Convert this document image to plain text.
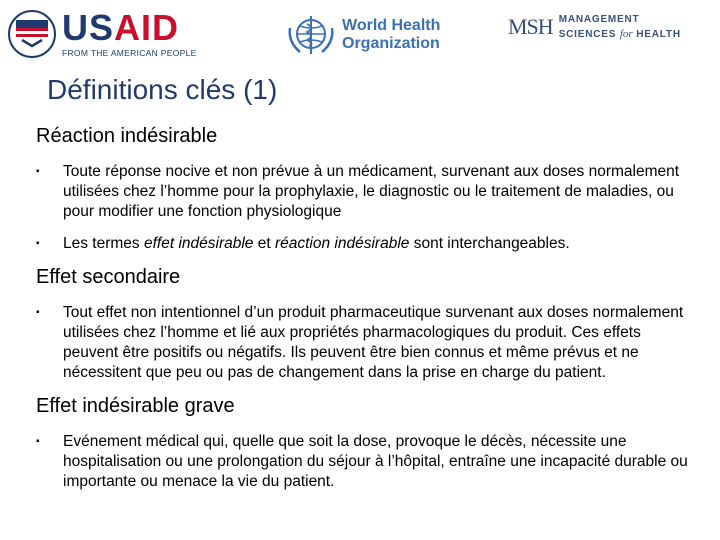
USAID
FROM THE AMERICAN PEOPLE
World Health
Organization
MSH MANAGEMENT
SCIENCES for HEALTH
Définitions clés (1)
Réaction indésirable
▪	Toute réponse nocive et non prévue à un médicament, survenant aux doses normalement utilisées chez l’homme pour la prophylaxie, le diagnostic ou le traitement de maladies, ou pour modifier une fonction physiologique
▪	Les termes effet indésirable et réaction indésirable sont interchangeables.
Effet secondaire
▪	Tout effet non intentionnel d’un produit pharmaceutique survenant aux doses normalement utilisées chez l’homme et lié aux propriétés pharmacologiques du produit. Ces effets peuvent être positifs ou négatifs. Ils peuvent être bien connus et même prévus et ne nécessitent que peu ou pas de changement dans la prise en charge du patient.
Effet indésirable grave
▪	Evénement médical qui, quelle que soit la dose, provoque le décès, nécessite une hospitalisation ou une prolongation du séjour à l’hôpital, entraîne une incapacité durable ou importante ou menace la vie du patient.
